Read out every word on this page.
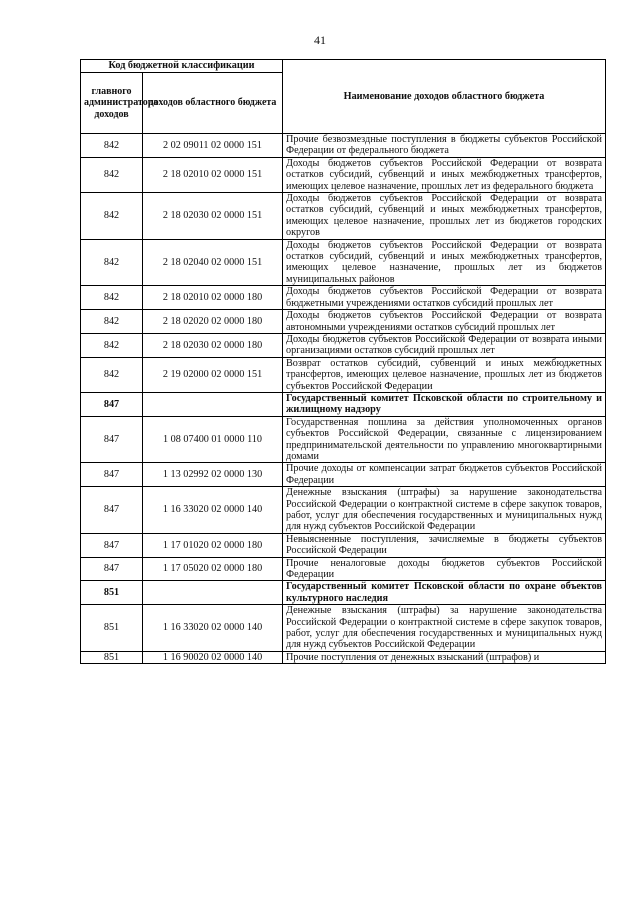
41
Код бюджетной классификации		Наименование доходов областного бюджета
главного администратора доходов	доходов областного бюджета	
842	2 02 09011 02 0000 151	Прочие безвозмездные поступления в бюджеты субъектов Российской Федерации от федерального бюджета
842	2 18 02010 02 0000 151	Доходы бюджетов субъектов Российской Федерации от возврата остатков субсидий, субвенций и иных межбюджетных трансфертов, имеющих целевое назначение, прошлых лет из федерального бюджета
842	2 18 02030 02 0000 151	Доходы бюджетов субъектов Российской Федерации от возврата остатков субсидий, субвенций и иных межбюджетных трансфертов, имеющих целевое назначение, прошлых лет из бюджетов городских округов
842	2 18 02040 02 0000 151	Доходы бюджетов субъектов Российской Федерации от возврата остатков субсидий, субвенций и иных межбюджетных трансфертов, имеющих целевое назначение, прошлых лет из бюджетов муниципальных районов
842	2 18 02010 02 0000 180	Доходы бюджетов субъектов Российской Федерации от возврата бюджетными учреждениями остатков субсидий прошлых лет
842	2 18 02020 02 0000 180	Доходы бюджетов субъектов Российской Федерации от возврата автономными учреждениями остатков субсидий прошлых лет
842	2 18 02030 02 0000 180	Доходы бюджетов субъектов Российской Федерации от возврата иными организациями остатков субсидий прошлых лет
842	2 19 02000 02 0000 151	Возврат остатков субсидий, субвенций и иных межбюджетных трансфертов, имеющих целевое назначение, прошлых лет из бюджетов субъектов Российской Федерации
847		Государственный комитет Псковской области по строительному и жилищному надзору
847	1 08 07400 01 0000 110	Государственная пошлина за действия уполномоченных органов субъектов Российской Федерации, связанные с лицензированием предпринимательской деятельности по управлению многоквартирными домами
847	1 13 02992 02 0000 130	Прочие доходы от компенсации затрат бюджетов субъектов Российской Федерации
847	1 16 33020 02 0000 140	Денежные взыскания (штрафы) за нарушение законодательства Российской Федерации о контрактной системе в сфере закупок товаров, работ, услуг для обеспечения государственных и муниципальных нужд для нужд субъектов Российской Федерации
847	1 17 01020 02 0000 180	Невыясненные поступления, зачисляемые в бюджеты субъектов Российской Федерации
847	1 17 05020 02 0000 180	Прочие неналоговые доходы бюджетов субъектов Российской Федерации
851		Государственный комитет Псковской области по охране объектов культурного наследия
851	1 16 33020 02 0000 140	Денежные взыскания (штрафы) за нарушение законодательства Российской Федерации о контрактной системе в сфере закупок товаров, работ, услуг для обеспечения государственных и муниципальных нужд для нужд субъектов Российской Федерации
851	1 16 90020 02 0000 140	Прочие поступления от денежных взысканий (штрафов) и
